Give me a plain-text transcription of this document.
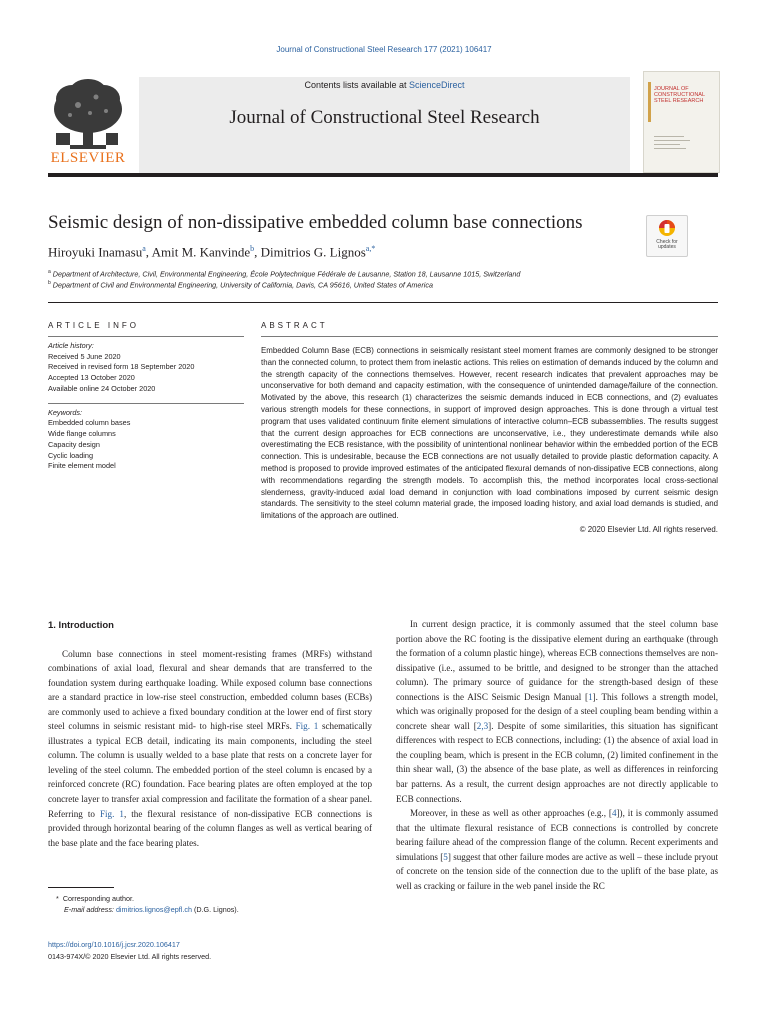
Journal of Constructional Steel Research 177 (2021) 106417
ELSEVIER
Contents lists available at ScienceDirect
Journal of Constructional Steel Research
JOURNAL OF CONSTRUCTIONAL STEEL RESEARCH
Seismic design of non-dissipative embedded column base connections
Hiroyuki Inamasu$^a$, Amit M. Kanvinde$^b$, Dimitrios G. Lignos$^{a,*}$
Check for updates
$^a$ Department of Architecture, Civil, Environmental Engineering, École Polytechnique Fédérale de Lausanne, Station 18, Lausanne 1015, Switzerland
$^b$ Department of Civil and Environmental Engineering, University of California, Davis, CA 95616, United States of America
ARTICLE INFO
Article history:
Received 5 June 2020
Received in revised form 18 September 2020
Accepted 13 October 2020
Available online 24 October 2020
Keywords:
Embedded column bases
Wide flange columns
Capacity design
Cyclic loading
Finite element model
ABSTRACT
Embedded Column Base (ECB) connections in seismically resistant steel moment frames are commonly designed to be stronger than the connected column, to protect them from inelastic actions. This relies on estimation of demands induced by the column and the strength capacity of the connections themselves. However, recent research indicates that prevalent approaches may be unconservative for both demand and capacity estimation, with the consequence of unintended damage/failure of the connection. Motivated by the above, this research (1) characterizes the seismic demands induced in ECB connections, and (2) evaluates various strength models for these connections, in support of improved design approaches. This is done through a virtual test program that uses validated continuum finite element simulations of interactive column–ECB subassemblies. The results suggest that the current design approaches for ECB connections are unconservative, i.e., they underestimate demands while also overestimating the ECB resistance, with the possibility of unintentional nonlinear behavior within the embedded portion of the ECB connection. This is undesirable, because the ECB connections are not usually detailed to provide plastic deformation capacity. A method is proposed to provide improved estimates of the anticipated flexural demands of non-dissipative ECB connections, along with recommendations regarding the strength models. To accomplish this, the method incorporates local cross-sectional slenderness, gravity-induced axial load demand in conjunction with load combinations imposed by current seismic design standards. The sensitivity to the steel column material grade, the imposed loading history, and axial load demands is studied, and limitations of the approach are outlined.
© 2020 Elsevier Ltd. All rights reserved.
1. Introduction

Column base connections in steel moment-resisting frames (MRFs) withstand combinations of axial load, flexural and shear demands that are transferred to the foundation system during earthquake loading. While exposed column base connections are a standard practice in low-rise steel construction, embedded column bases (ECBs) are commonly used to achieve a fixed boundary condition at the lower end of first story steel columns in seismic resistant mid- to high-rise steel MRFs. Fig. 1 schematically illustrates a typical ECB detail, indicating its main components, including the steel column. The column is usually welded to a base plate that rests on a concrete layer for leveling of the steel column. The embedded portion of the steel column is encased by a reinforced concrete (RC) foundation. Face bearing plates are often employed at the top concrete layer to transfer axial compression and facilitate the formation of a shear panel. Referring to Fig. 1, the flexural resistance of non-dissipative ECB connections is provided through horizontal bearing of the column flanges as well as vertical bearing of the base plate and the face bearing plates.

In current design practice, it is commonly assumed that the steel column base portion above the RC footing is the dissipative element during an earthquake (through the formation of a column plastic hinge), whereas ECB connections themselves are non-dissipative (i.e., assumed to be brittle, and designed to be stronger than the attached column). The primary source of guidance for the strength-based design of these connections is the AISC Seismic Design Manual [1]. This follows a strength model, which was originally proposed for the design of a steel coupling beam bending within a concrete shear wall [2,3]. Despite of some similarities, this situation has significant differences with respect to ECB connections, including: (1) the absence of axial load in the coupling beam, which is present in the ECB column, (2) limited confinement in the thin shear wall, (3) the absence of the base plate, as well as differences in reinforcing bar patterns. As a result, the current design approaches are not directly applicable to ECB connections.

Moreover, in these as well as other approaches (e.g., [4]), it is commonly assumed that the ultimate flexural resistance of ECB connections is controlled by concrete bearing failure ahead of the compression flange of the column. Recent experiments and simulations [5] suggest that other failure modes are active as well – these include pryout of concrete on the tension side of the connection due to the uplift of the base plate, as well as cracking or failure in the web panel inside the RC

* Corresponding author.
E-mail address: dimitrios.lignos@epfl.ch (D.G. Lignos).
https://doi.org/10.1016/j.jcsr.2020.106417
0143-974X/© 2020 Elsevier Ltd. All rights reserved.
